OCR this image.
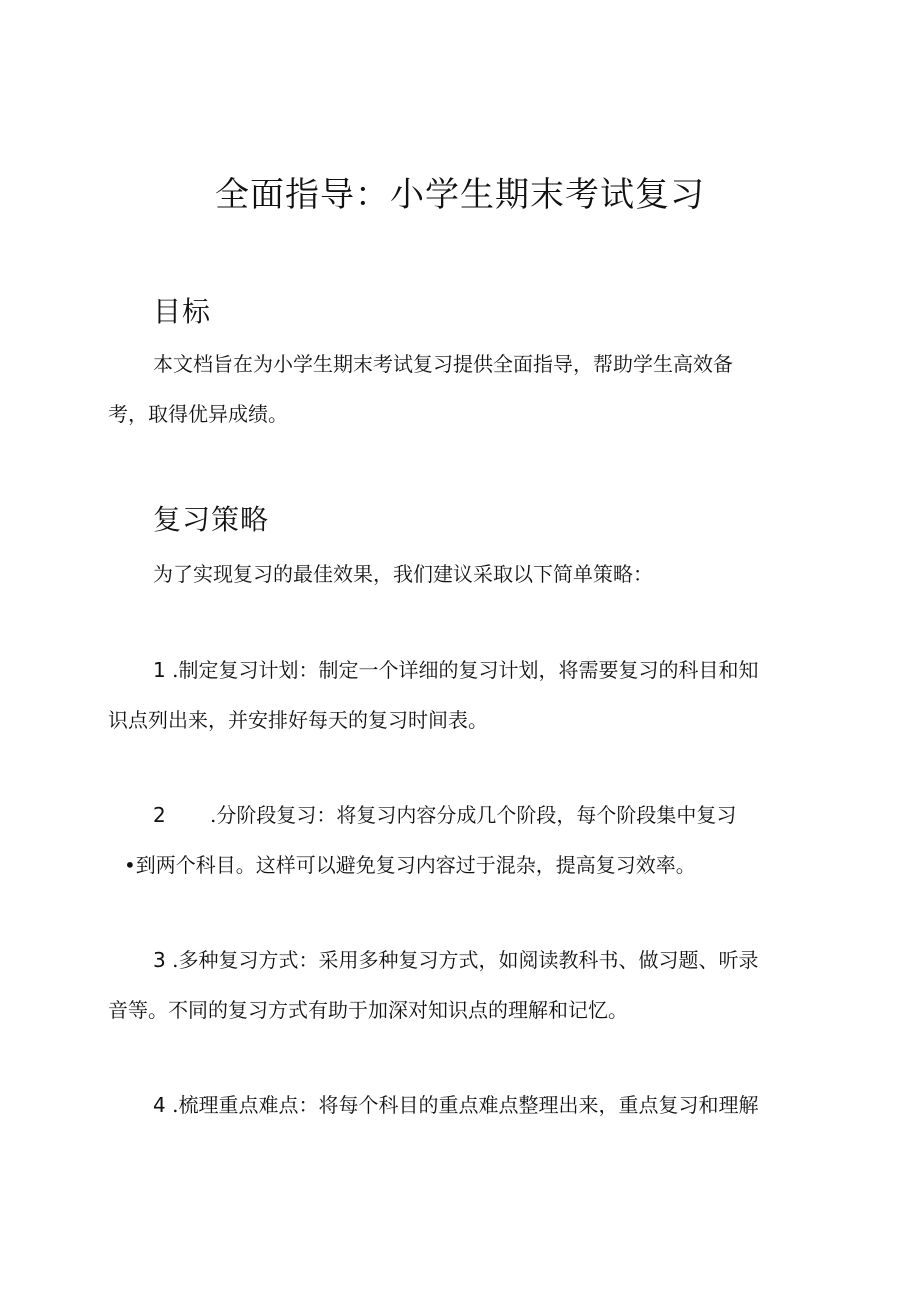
全面指导：小学生期末考试复习
目标

本文档旨在为小学生期末考试复习提供全面指导，帮助学生高效备

考，取得优异成绩。

复习策略

为了实现复习的最佳效果，我们建议采取以下简单策略：

1 .制定复习计划：制定一个详细的复习计划，将需要复习的科目和知

识点列出来，并安排好每天的复习时间表。

2 .分阶段复习：将复习内容分成几个阶段，每个阶段集中复习

•到两个科目。这样可以避免复习内容过于混杂，提高复习效率。

3 .多种复习方式：采用多种复习方式，如阅读教科书、做习题、听录

音等。不同的复习方式有助于加深对知识点的理解和记忆。

4 .梳理重点难点：将每个科目的重点难点整理出来，重点复习和理解
